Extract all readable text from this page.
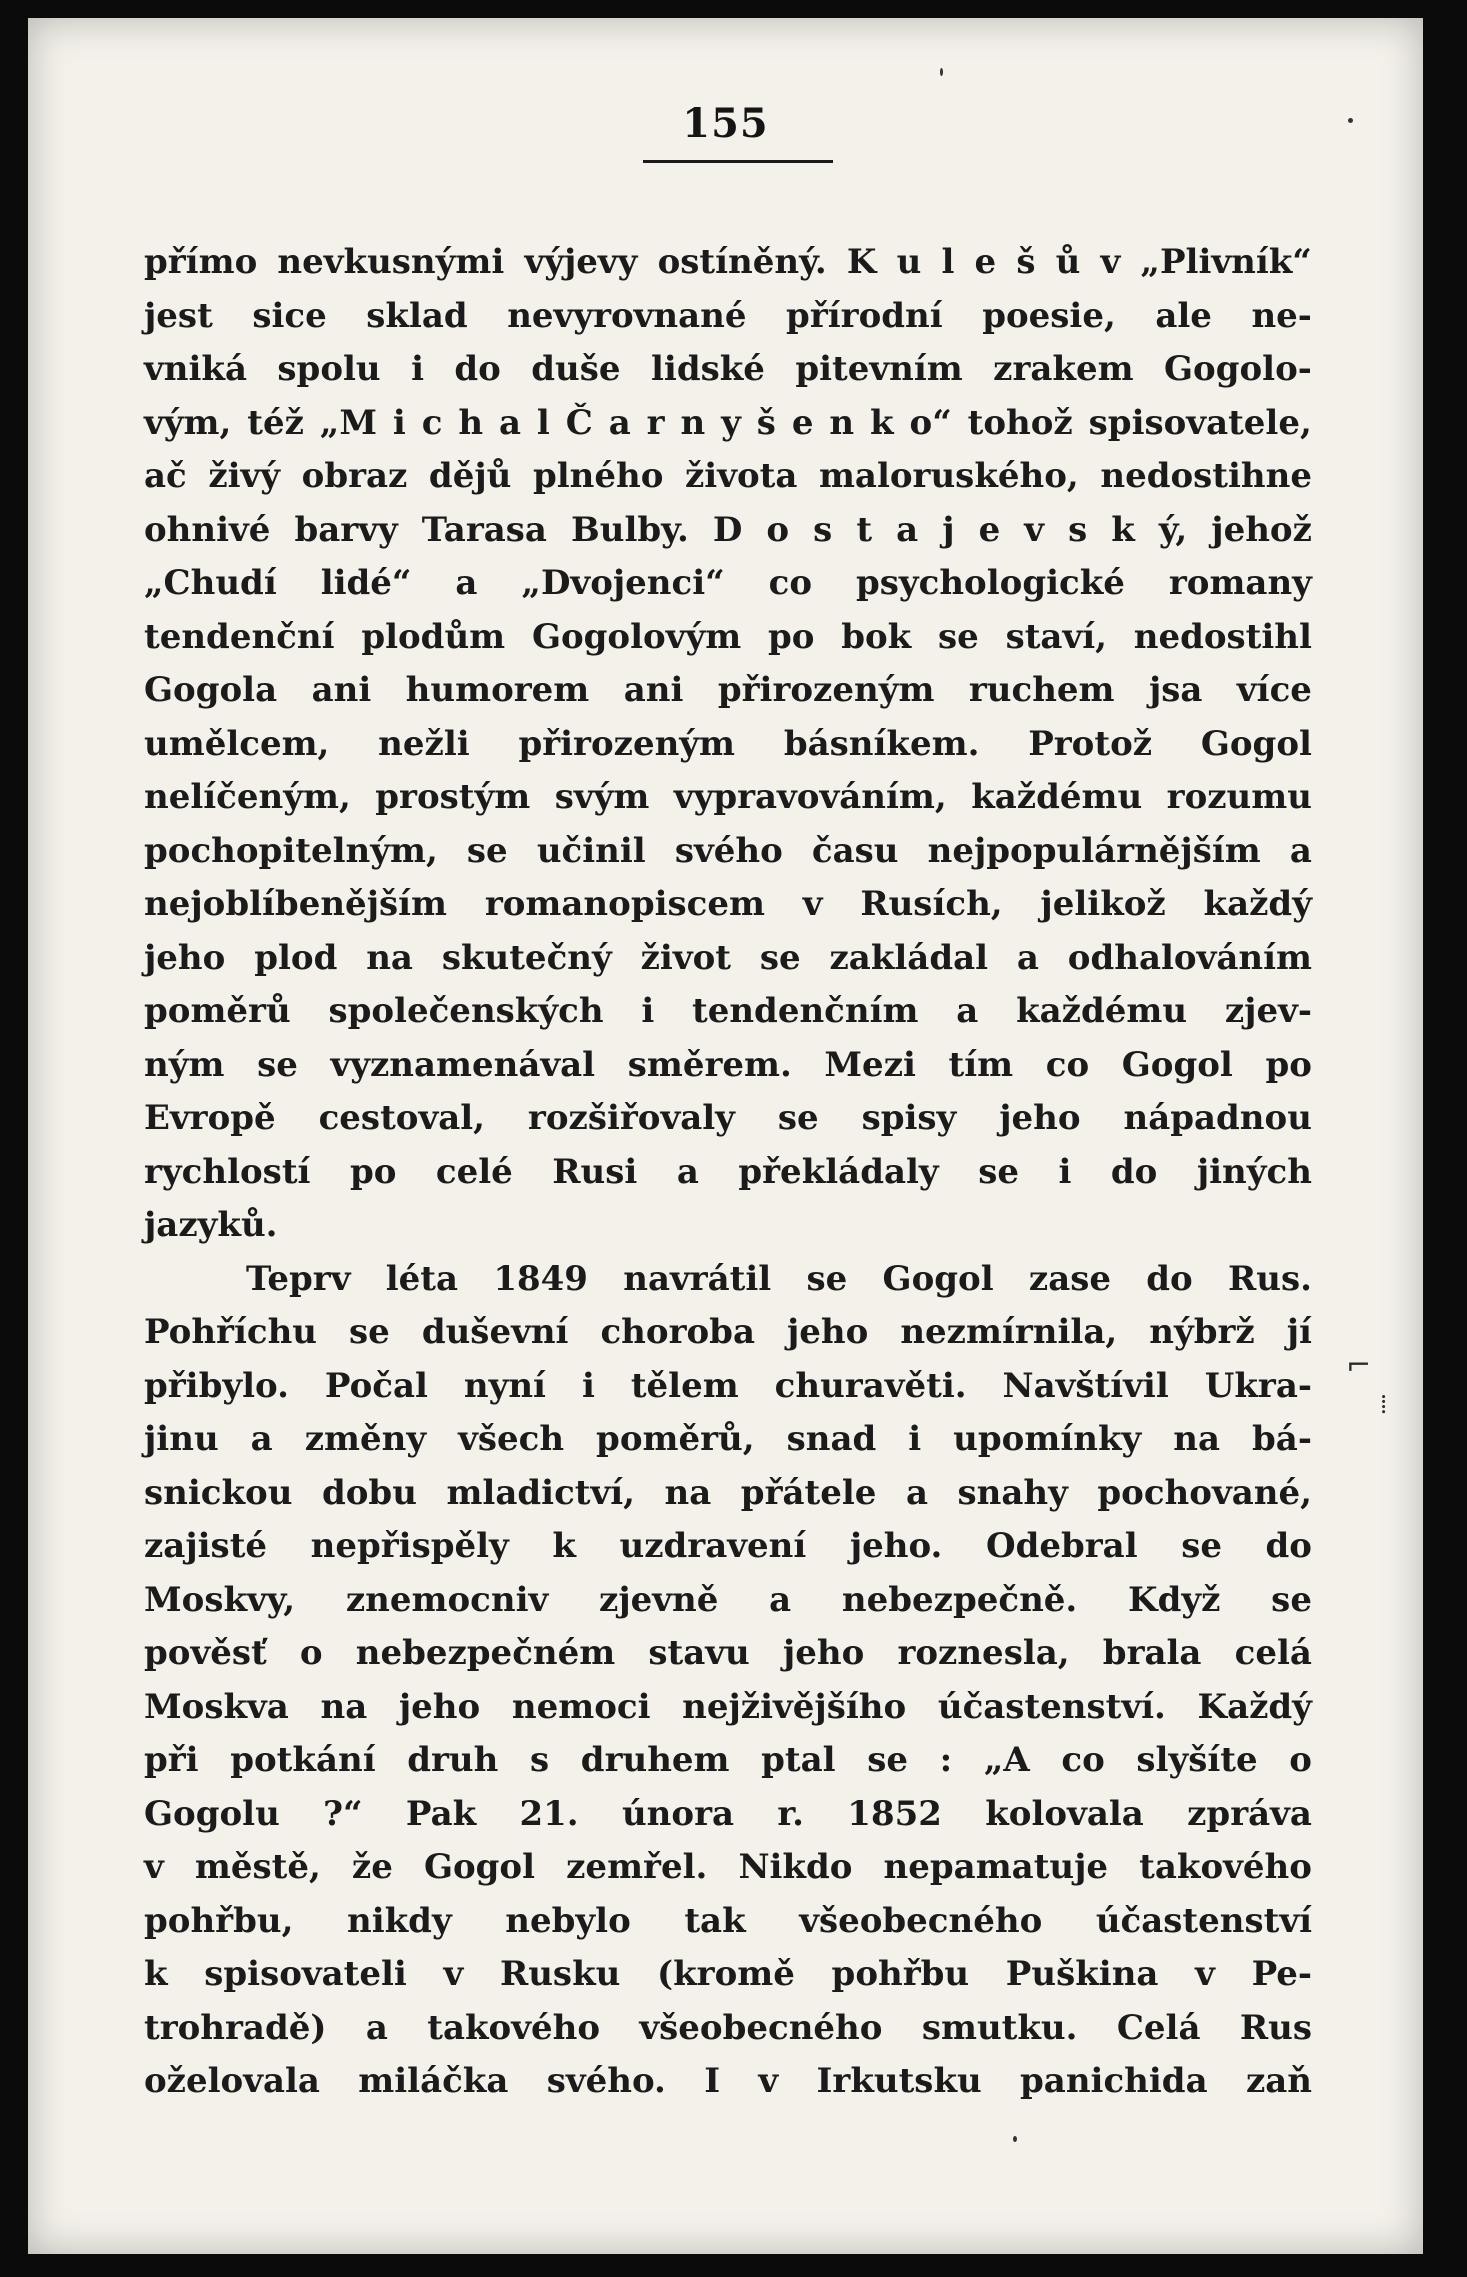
155
přímo nevkusnými výjevy ostíněný. K u l e š ů v „Plivník“
jest sice sklad nevyrovnané přírodní poesie, ale ne-
vniká spolu i do duše lidské pitevním zrakem Gogolo-
vým, též „M i c h a l Č a r n y š e n k o“ tohož spisovatele,
ač živý obraz dějů plného života maloruského, nedostihne
ohnivé barvy Tarasa Bulby. D o s t a j e v s k ý, jehož
„Chudí lidé“ a „Dvojenci“ co psychologické romany
tendenční plodům Gogolovým po bok se staví, nedostihl
Gogola ani humorem ani přirozeným ruchem jsa více
umělcem, nežli přirozeným básníkem. Protož Gogol
nelíčeným, prostým svým vypravováním, každému rozumu
pochopitelným, se učinil svého času nejpopulárnějším a
nejoblíbenějším romanopiscem v Rusích, jelikož každý
jeho plod na skutečný život se zakládal a odhalováním
poměrů společenských i tendenčním a každému zjev-
ným se vyznamenával směrem. Mezi tím co Gogol po
Evropě cestoval, rozšiřovaly se spisy jeho nápadnou
rychlostí po celé Rusi a překládaly se i do jiných
jazyků.
Teprv léta 1849 navrátil se Gogol zase do Rus.
Pohříchu se duševní choroba jeho nezmírnila, nýbrž jí
přibylo. Počal nyní i tělem churavěti. Navštívil Ukra-
jinu a změny všech poměrů, snad i upomínky na bá-
snickou dobu mladictví, na přátele a snahy pochované,
zajisté nepřispěly k uzdravení jeho. Odebral se do
Moskvy, znemocniv zjevně a nebezpečně. Když se
pověsť o nebezpečném stavu jeho roznesla, brala celá
Moskva na jeho nemoci nejživějšího účastenství. Každý
při potkání druh s druhem ptal se : „A co slyšíte o
Gogolu ?“ Pak 21. února r. 1852 kolovala zpráva
v městě, že Gogol zemřel. Nikdo nepamatuje takového
pohřbu, nikdy nebylo tak všeobecného účastenství
k spisovateli v Rusku (kromě pohřbu Puškina v Pe-
trohradě) a takového všeobecného smutku. Celá Rus
oželovala miláčka svého. I v Irkutsku panichida zaň
⌐
⁞
